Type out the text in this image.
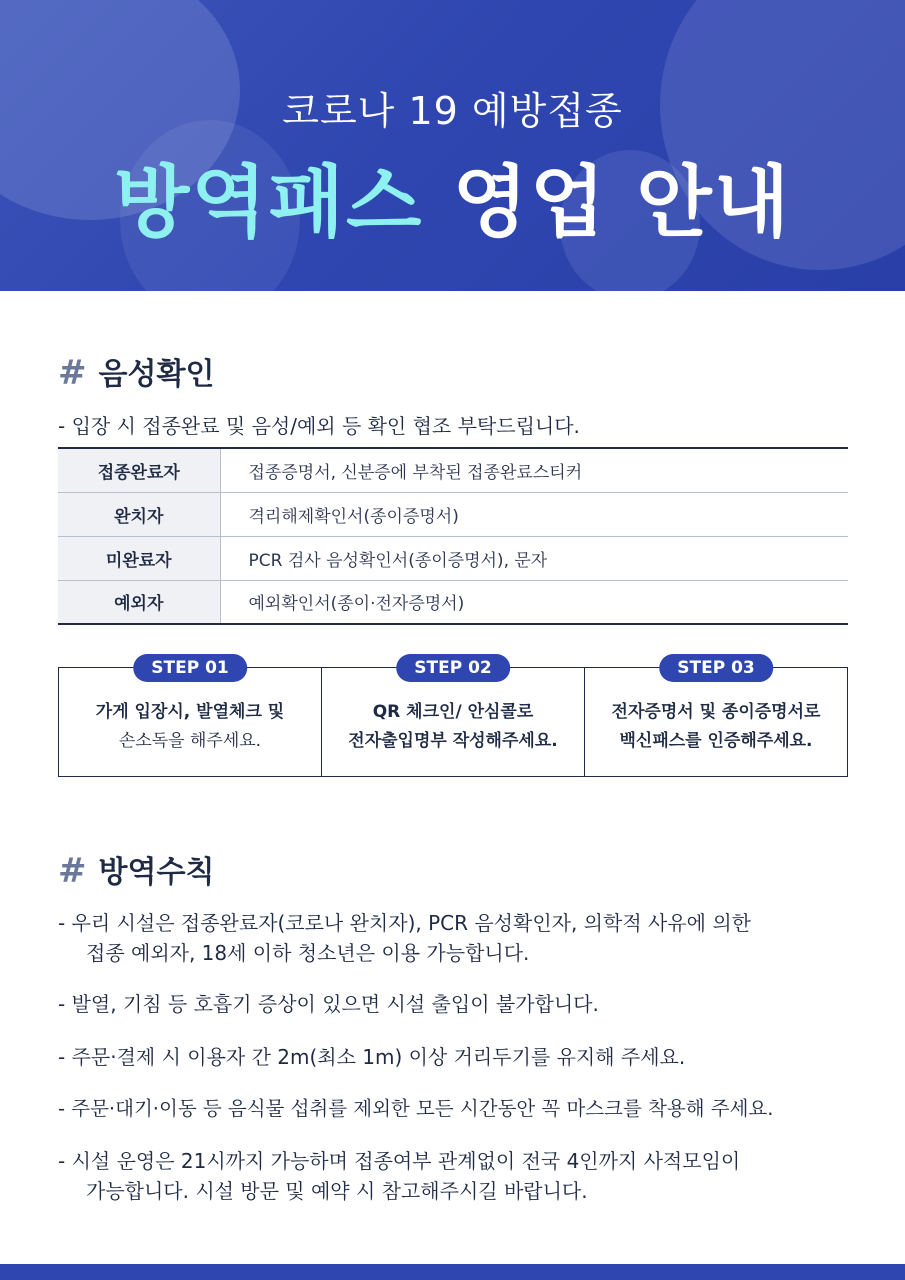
코로나 19 예방접종
방역패스 영업 안내
# 음성확인
- 입장 시 접종완료 및 음성/예외 등 확인 협조 부탁드립니다.
접종완료자	접종증명서, 신분증에 부착된 접종완료스티커
완치자	격리해제확인서(종이증명서)
미완료자	PCR 검사 음성확인서(종이증명서), 문자
예외자	예외확인서(종이·전자증명서)
STEP 01
가게 입장시, 발열체크 및
손소독을 해주세요.
STEP 02
QR 체크인/ 안심콜로
전자출입명부 작성해주세요.
STEP 03
전자증명서 및 종이증명서로
백신패스를 인증해주세요.
# 방역수칙
- 우리 시설은 접종완료자(코로나 완치자), PCR 음성확인자, 의학적 사유에 의한
접종 예외자, 18세 이하 청소년은 이용 가능합니다.
- 발열, 기침 등 호흡기 증상이 있으면 시설 출입이 불가합니다.
- 주문·결제 시 이용자 간 2m(최소 1m) 이상 거리두기를 유지해 주세요.
- 주문·대기·이동 등 음식물 섭취를 제외한 모든 시간동안 꼭 마스크를 착용해 주세요.
- 시설 운영은 21시까지 가능하며 접종여부 관계없이 전국 4인까지 사적모임이
가능합니다. 시설 방문 및 예약 시 참고해주시길 바랍니다.
